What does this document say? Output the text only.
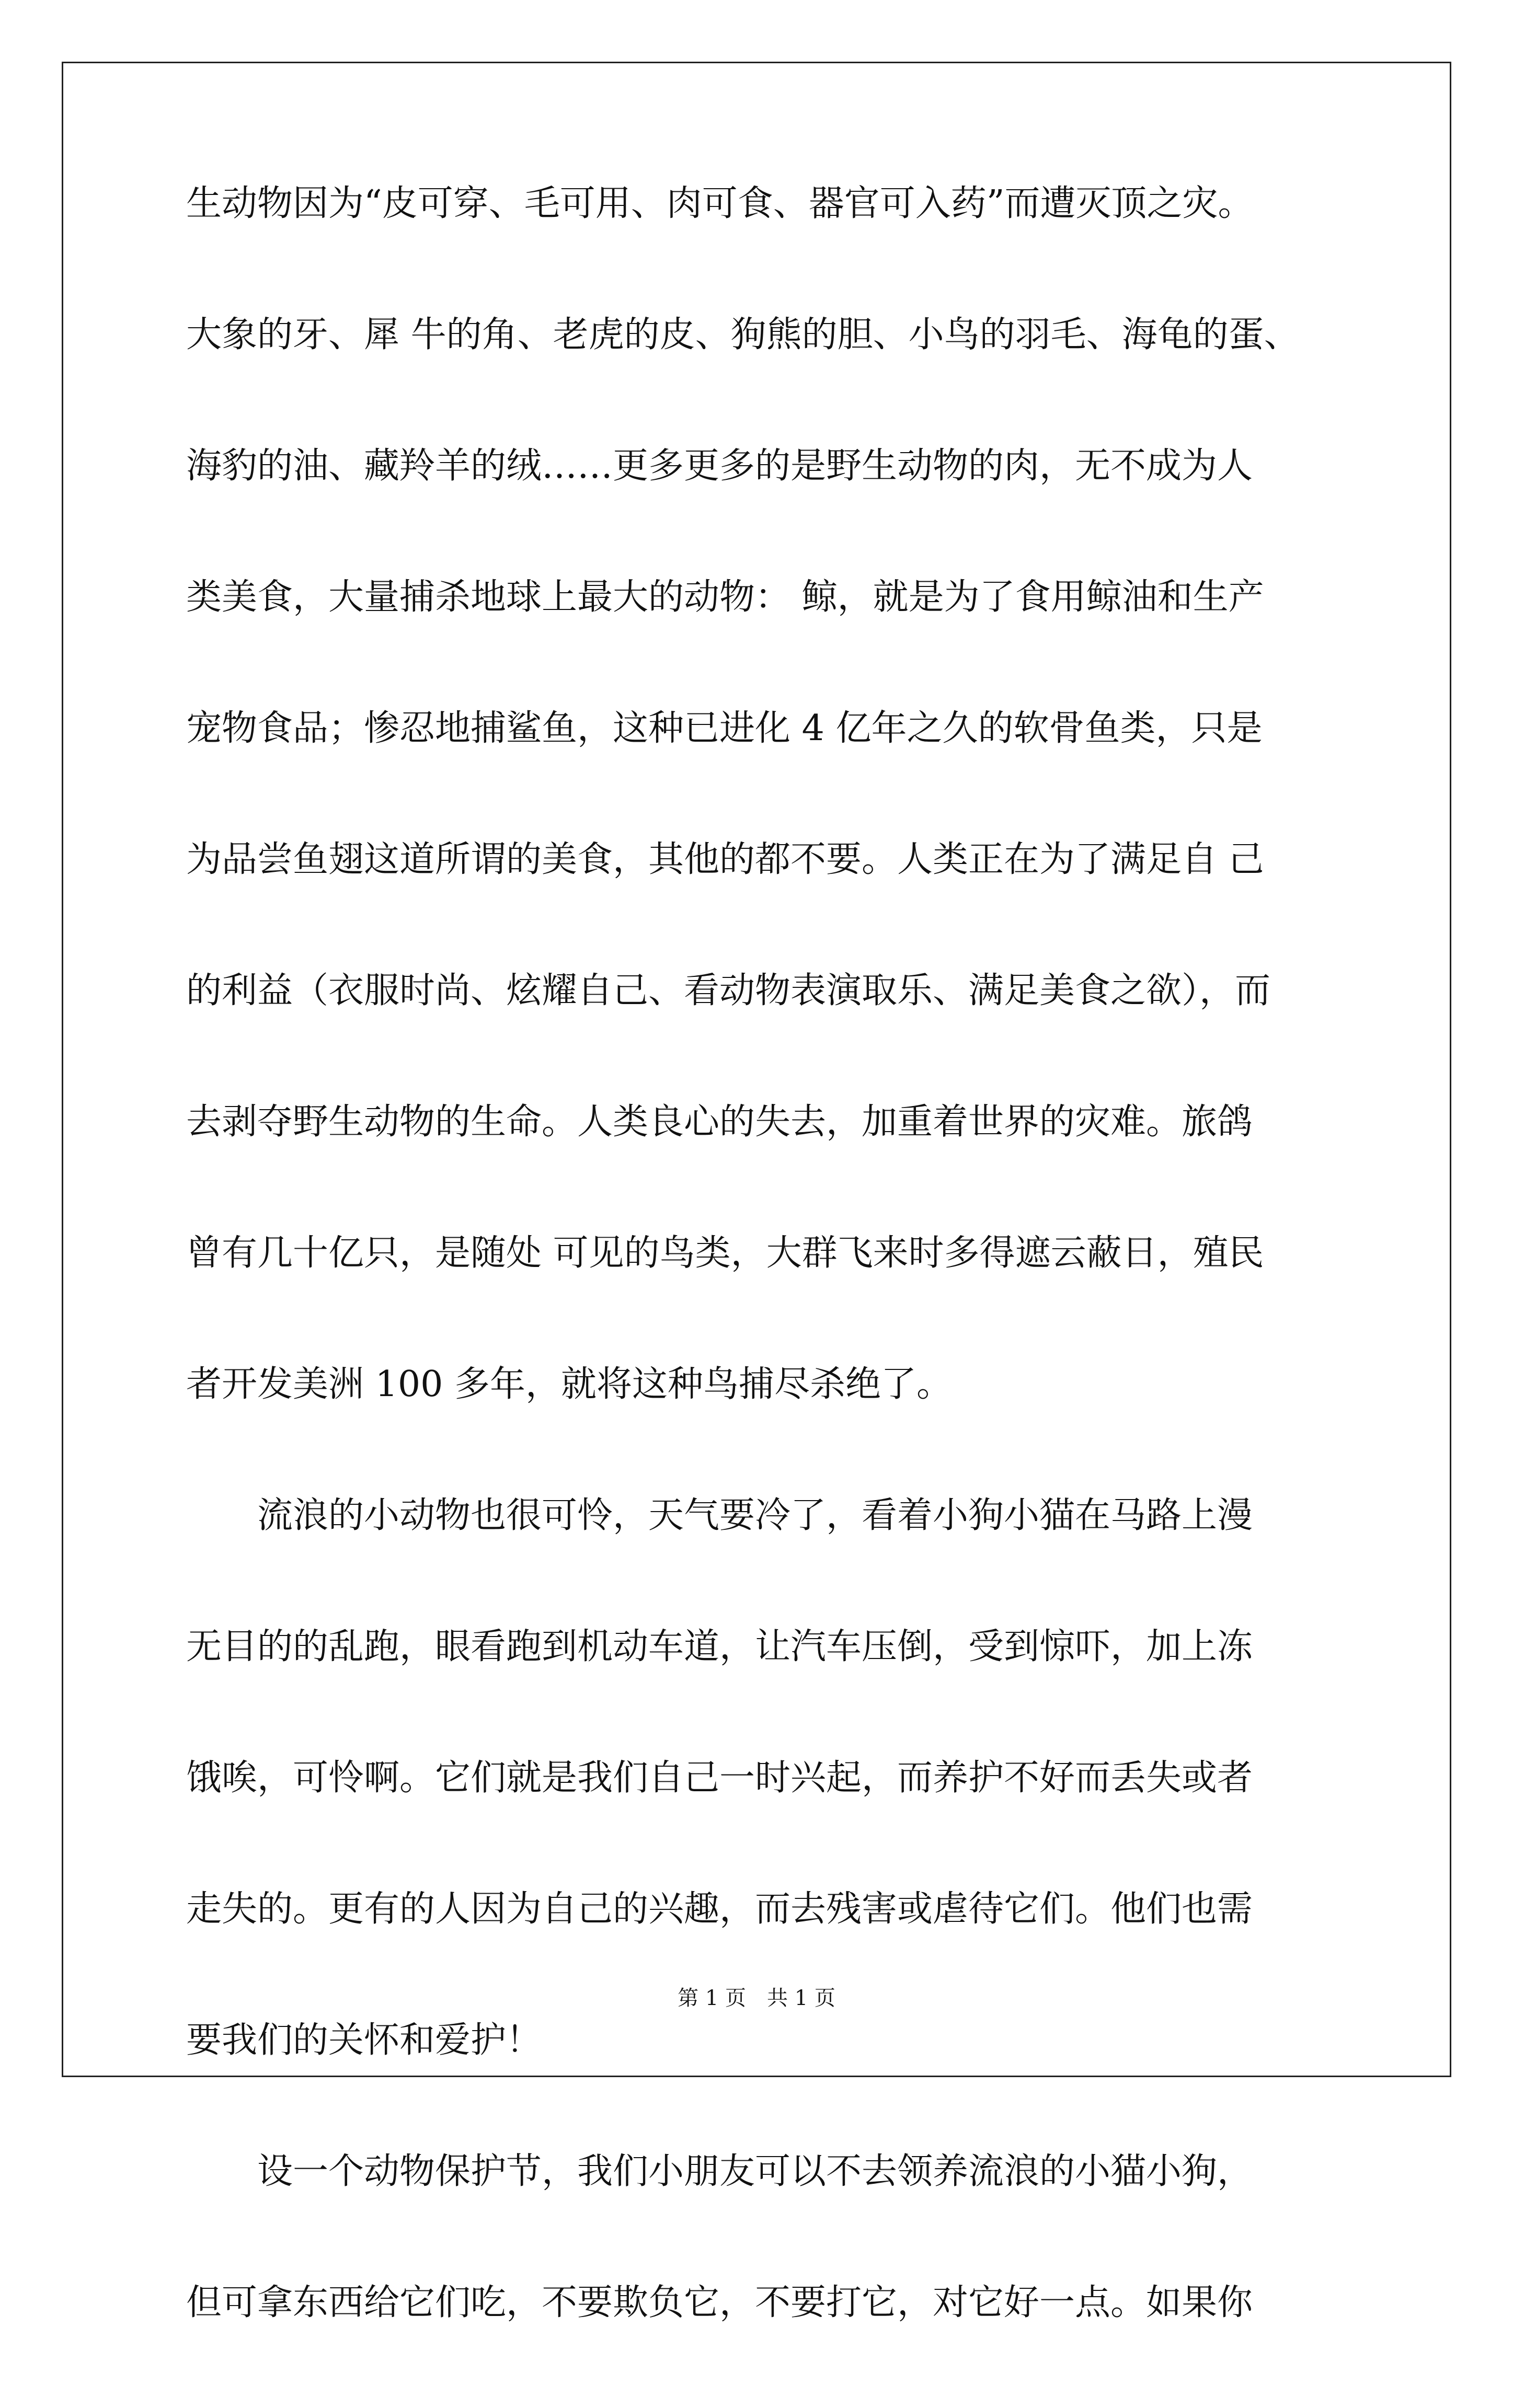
生动物因为“皮可穿、毛可用、肉可食、器官可入药”而遭灭顶之灾。
大象的牙、犀 牛的角、老虎的皮、狗熊的胆、小鸟的羽毛、海龟的蛋、
海豹的油、藏羚羊的绒……更多更多的是野生动物的肉，无不成为人
类美食，大量捕杀地球上最大的动物： 鲸，就是为了食用鲸油和生产
宠物食品；惨忍地捕鲨鱼，这种已进化 4 亿年之久的软骨鱼类，只是
为品尝鱼翅这道所谓的美食，其他的都不要。人类正在为了满足自 己
的利益（衣服时尚、炫耀自己、看动物表演取乐、满足美食之欲），而
去剥夺野生动物的生命。人类良心的失去，加重着世界的灾难。旅鸽
曾有几十亿只，是随处 可见的鸟类，大群飞来时多得遮云蔽日，殖民
者开发美洲 100 多年，就将这种鸟捕尽杀绝了。
　　流浪的小动物也很可怜，天气要冷了，看着小狗小猫在马路上漫
无目的的乱跑，眼看跑到机动车道，让汽车压倒，受到惊吓，加上冻
饿唉，可怜啊。它们就是我们自己一时兴起，而养护不好而丢失或者
走失的。更有的人因为自己的兴趣，而去残害或虐待它们。他们也需
要我们的关怀和爱护！
　　设一个动物保护节，我们小朋友可以不去领养流浪的小猫小狗，
但可拿东西给它们吃，不要欺负它，不要打它，对它好一点。如果你
第 1 页　共 1 页
